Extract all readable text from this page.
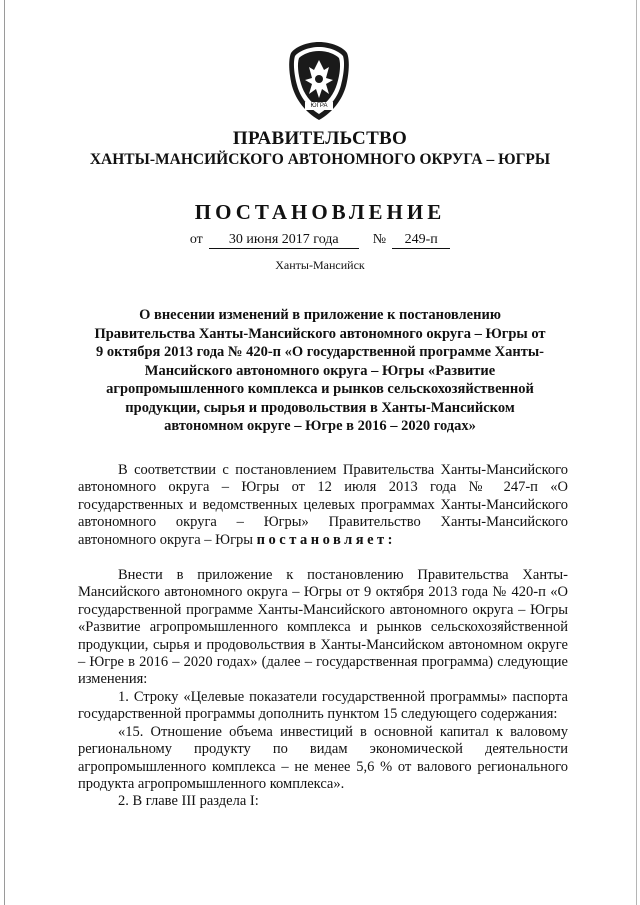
ЮГРА
ПРАВИТЕЛЬСТВО
ХАНТЫ-МАНСИЙСКОГО АВТОНОМНОГО ОКРУГА – ЮГРЫ
ПОСТАНОВЛЕНИЕ
от 30 июня 2017 года № 249-п
Ханты-Мансийск
О внесении изменений в приложение к постановлению Правительства Ханты-Мансийского автономного округа – Югры от 9 октября 2013 года № 420-п «О государственной программе Ханты-Мансийского автономного округа – Югры «Развитие агропромышленного комплекса и рынков сельскохозяйственной продукции, сырья и продовольствия в Ханты-Мансийском автономном округе – Югре в 2016 – 2020 годах»

В соответствии с постановлением Правительства Ханты-Мансийского автономного округа – Югры от 12 июля 2013 года № 247-п «О государственных и ведомственных целевых программах Ханты-Мансийского автономного округа – Югры» Правительство Ханты-Мансийского автономного округа – Югры постановляет:

Внести в приложение к постановлению Правительства Ханты-Мансийского автономного округа – Югры от 9 октября 2013 года № 420-п «О государственной программе Ханты-Мансийского автономного округа – Югры «Развитие агропромышленного комплекса и рынков сельскохозяйственной продукции, сырья и продовольствия в Ханты-Мансийском автономном округе – Югре в 2016 – 2020 годах» (далее – государственная программа) следующие изменения:

1. Строку «Целевые показатели государственной программы» паспорта государственной программы дополнить пунктом 15 следующего содержания:

«15. Отношение объема инвестиций в основной капитал к валовому региональному продукту по видам экономической деятельности агропромышленного комплекса – не менее 5,6 % от валового регионального продукта агропромышленного комплекса».

2. В главе III раздела I:
